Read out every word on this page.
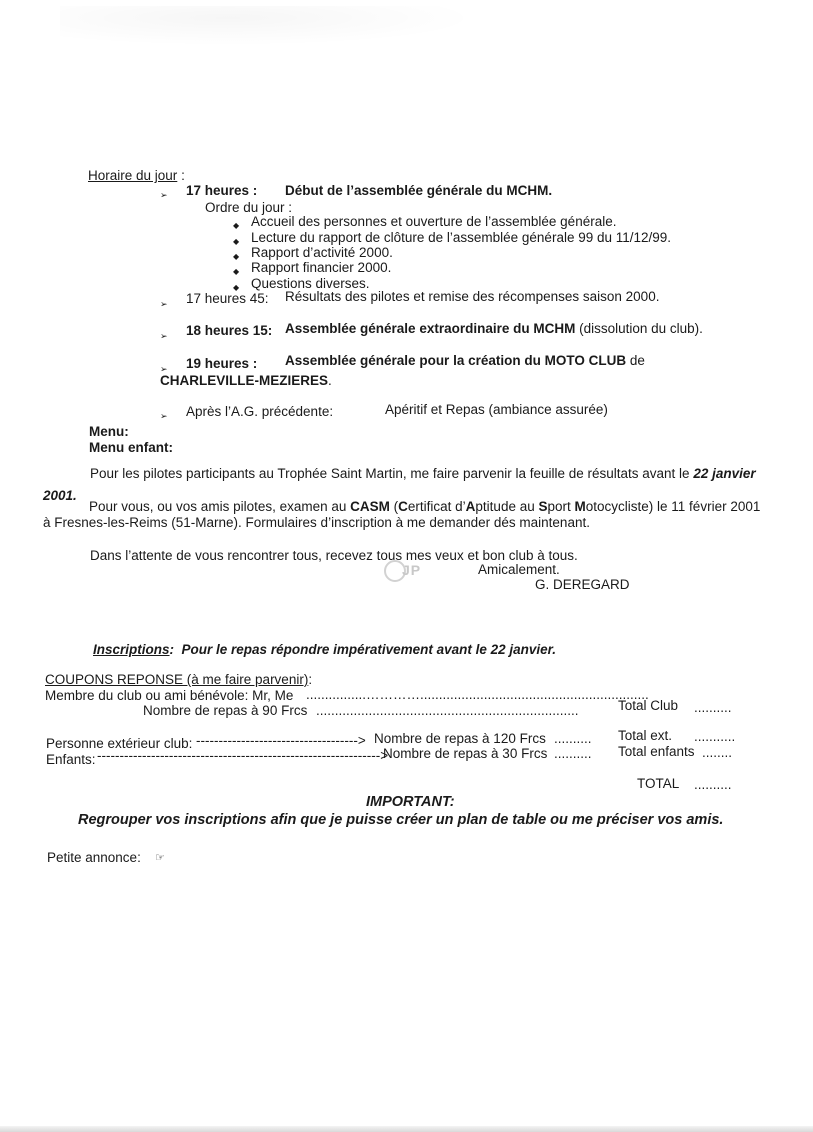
Horaire du jour :
➢ 17 heures : Début de l’assemblée générale du MCHM.
Ordre du jour :
◆ Accueil des personnes et ouverture de l’assemblée générale.
◆ Lecture du rapport de clôture de l’assemblée générale 99 du 11/12/99.
◆ Rapport d’activité 2000.
◆ Rapport financier 2000.
◆ Questions diverses.
➢ 17 heures 45: Résultats des pilotes et remise des récompenses saison 2000.
➢ 18 heures 15: Assemblée générale extraordinaire du MCHM (dissolution du club).
➢ 19 heures : Assemblée générale pour la création du MOTO CLUB de
CHARLEVILLE-MEZIERES.
➢ Après l’A.G. précédente:	Apéritif et Repas (ambiance assurée)
Menu:
Menu enfant:
Pour les pilotes participants au Trophée Saint Martin, me faire parvenir la feuille de résultats avant le 22 janvier
2001.
Pour vous, ou vos amis pilotes, examen au CASM (Certificat d’Aptitude au Sport Motocycliste) le 11 février 2001
à Fresnes-les-Reims (51-Marne). Formulaires d’inscription à me demander dés maintenant.
Dans l’attente de vous rencontrer tous, recevez tous mes veux et bon club à tous.
Amicalement.
G. DEREGARD
JP
Inscriptions: Pour le repas répondre impérativement avant le 22 janvier.
COUPONS REPONSE (à me faire parvenir):
Membre du club ou ami bénévole: Mr, Me ................………….............................................................
Nombre de repas à 90 Frcs ......................................................................	Total Club ..........
Personne extérieur club: ------------------------------------> Nombre de repas à 120 Frcs .......... Total ext. ...........
Enfants: --------------------------------------------------------------->
Nombre de repas à 30 Frcs .......... Total enfants ........
TOTAL ..........
IMPORTANT:
Regrouper vos inscriptions afin que je puisse créer un plan de table ou me préciser vos amis.
Petite annonce: ☞
